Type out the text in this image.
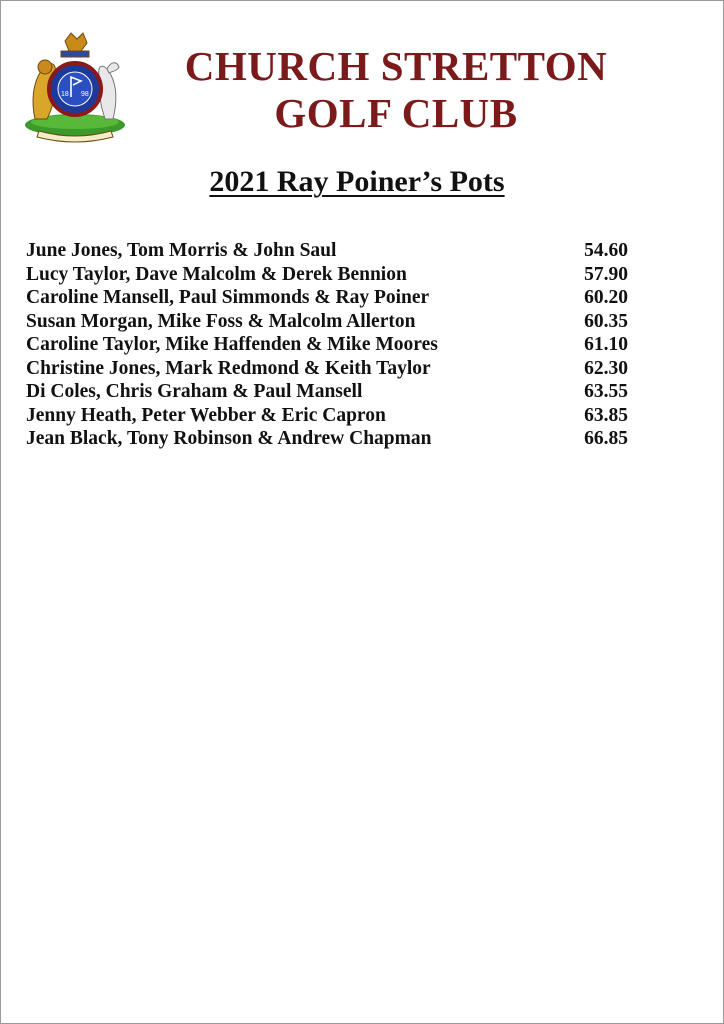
18 98
CHURCH STRETTON
GOLF CLUB
2021 Ray Poiner’s Pots
June Jones, Tom Morris & John Saul	54.60
Lucy Taylor, Dave Malcolm & Derek Bennion	57.90
Caroline Mansell, Paul Simmonds & Ray Poiner	60.20
Susan Morgan, Mike Foss & Malcolm Allerton	60.35
Caroline Taylor, Mike Haffenden & Mike Moores	61.10
Christine Jones, Mark Redmond & Keith Taylor	62.30
Di Coles, Chris Graham & Paul Mansell	63.55
Jenny Heath, Peter Webber & Eric Capron	63.85
Jean Black, Tony Robinson & Andrew Chapman	66.85
